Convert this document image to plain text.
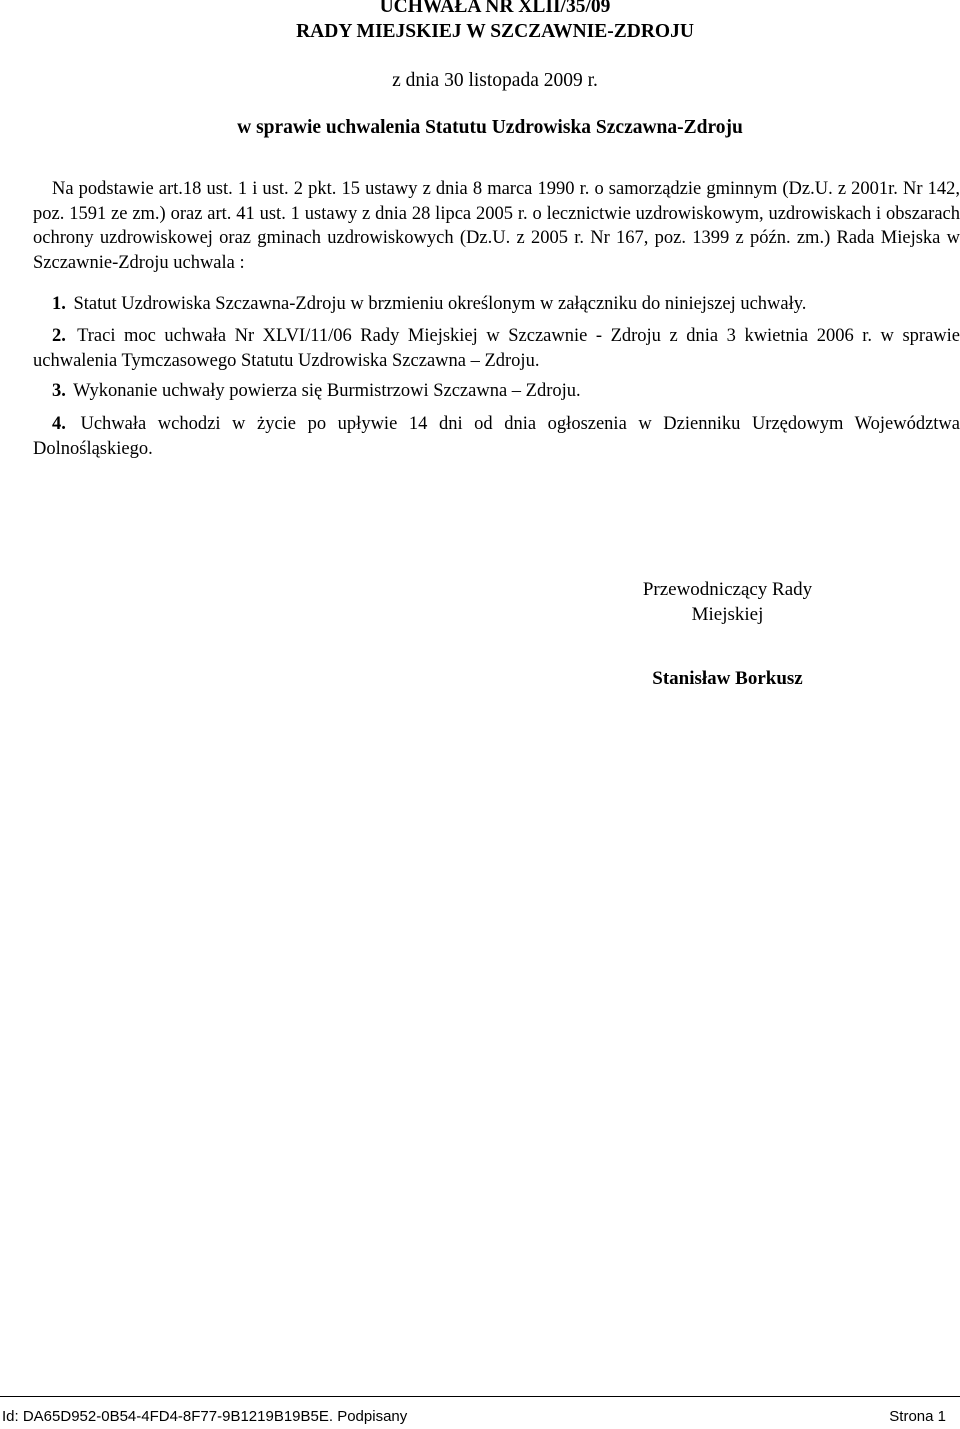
UCHWAŁA NR XLII/35/09
RADY MIEJSKIEJ W SZCZAWNIE-ZDROJU
z dnia 30 listopada 2009 r.
w sprawie uchwalenia Statutu Uzdrowiska Szczawna-Zdroju
Na podstawie art.18 ust. 1 i ust. 2 pkt. 15 ustawy z dnia 8 marca 1990 r. o samorządzie gminnym (Dz.U. z 2001r. Nr 142, poz. 1591 ze zm.) oraz art. 41 ust. 1 ustawy z dnia 28 lipca 2005 r. o lecznictwie uzdrowiskowym, uzdrowiskach i obszarach ochrony uzdrowiskowej oraz gminach uzdrowiskowych (Dz.U. z 2005 r. Nr 167, poz. 1399 z późn. zm.) Rada Miejska w Szczawnie-Zdroju uchwala :
1. Statut Uzdrowiska Szczawna-Zdroju w brzmieniu określonym w załączniku do niniejszej uchwały.
2. Traci moc uchwała Nr XLVI/11/06 Rady Miejskiej w Szczawnie - Zdroju z dnia 3 kwietnia 2006 r. w sprawie uchwalenia Tymczasowego Statutu Uzdrowiska Szczawna – Zdroju.
3. Wykonanie uchwały powierza się Burmistrzowi Szczawna – Zdroju.
4. Uchwała wchodzi w życie po upływie 14 dni od dnia ogłoszenia w Dzienniku Urzędowym Województwa Dolnośląskiego.
Przewodniczący Rady Miejskiej
Stanisław Borkusz
Id: DA65D952-0B54-4FD4-8F77-9B1219B19B5E. Podpisany	Strona 1
